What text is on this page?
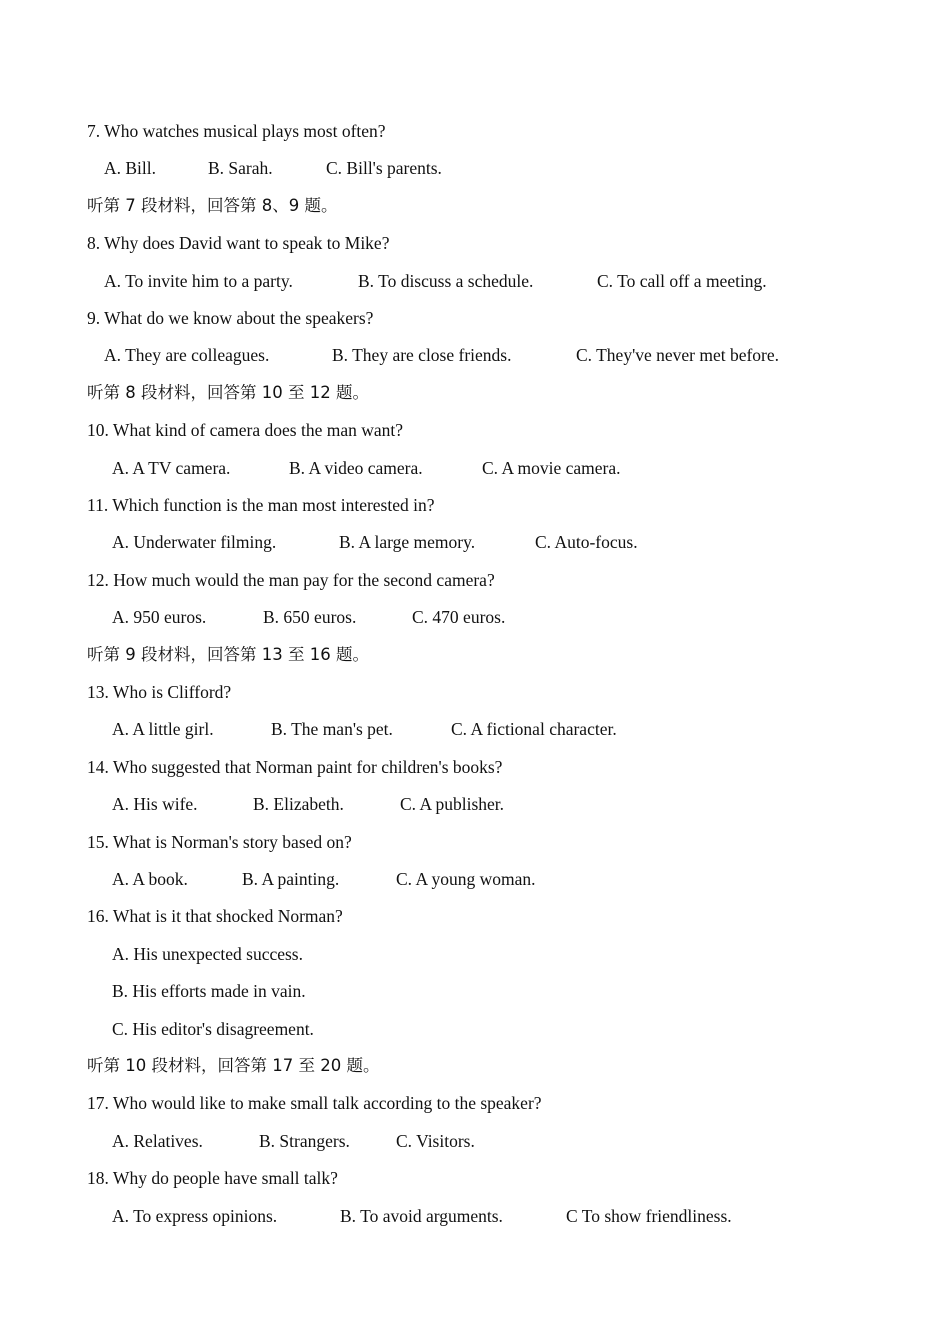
7. Who watches musical plays most often?
A. Bill.	B. Sarah.	C. Bill's parents.
听第 7 段材料，回答第 8、9 题。
8. Why does David want to speak to Mike?
A. To invite him to a party.	B. To discuss a schedule.	C. To call off a meeting.
9. What do we know about the speakers?
A. They are colleagues.	B. They are close friends.	C. They've never met before.
听第 8 段材料，回答第 10 至 12 题。
10. What kind of camera does the man want?
A. A TV camera.	B. A video camera.	C. A movie camera.
11. Which function is the man most interested in?
A. Underwater filming.	B. A large memory.	C. Auto-focus.
12. How much would the man pay for the second camera?
A. 950 euros.	B. 650 euros.	C. 470 euros.
听第 9 段材料，回答第 13 至 16 题。
13. Who is Clifford?
A. A little girl.	B. The man's pet.	C. A fictional character.
14. Who suggested that Norman paint for children's books?
A. His wife.	B. Elizabeth.	C. A publisher.
15. What is Norman's story based on?
A. A book.	B. A painting.	C. A young woman.
16. What is it that shocked Norman?
A. His unexpected success.
B. His efforts made in vain.
C. His editor's disagreement.
听第 10 段材料，回答第 17 至 20 题。
17. Who would like to make small talk according to the speaker?
A. Relatives.	B. Strangers.	C. Visitors.
18. Why do people have small talk?
A. To express opinions.	B. To avoid arguments.	C To show friendliness.
